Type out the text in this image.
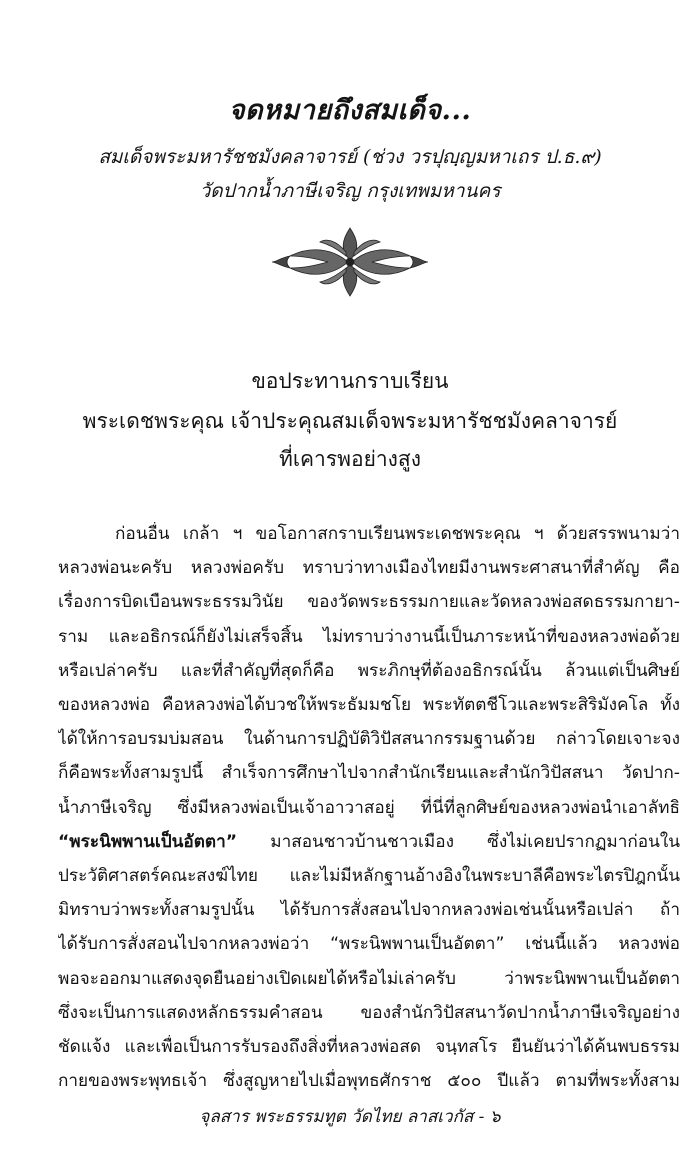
จดหมายถึงสมเด็จ...
สมเด็จพระมหารัชชมังคลาจารย์ (ช่วง วรปุญฺญมหาเถร ป.ธ.๙)
วัดปากน้ำภาษีเจริญ กรุงเทพมหานคร
ขอประทานกราบเรียน
พระเดชพระคุณ เจ้าประคุณสมเด็จพระมหารัชชมังคลาจารย์
ที่เคารพอย่างสูง
ก่อนอื่น เกล้า ฯ ขอโอกาสกราบเรียนพระเดชพระคุณ ฯ ด้วยสรรพนามว่า
หลวงพ่อนะครับ หลวงพ่อครับ ทราบว่าทางเมืองไทยมีงานพระศาสนาที่สำคัญ คือ
เรื่องการบิดเบือนพระธรรมวินัย ของวัดพระธรรมกายและวัดหลวงพ่อสดธรรมกายา-
ราม และอธิกรณ์ก็ยังไม่เสร็จสิ้น ไม่ทราบว่างานนี้เป็นภาระหน้าที่ของหลวงพ่อด้วย
หรือเปล่าครับ และที่สำคัญที่สุดก็คือ พระภิกษุที่ต้องอธิกรณ์นั้น ล้วนแต่เป็นศิษย์
ของหลวงพ่อ คือหลวงพ่อได้บวชให้พระธัมมชโย พระทัตตชีโวและพระสิริมังคโล ทั้ง
ได้ให้การอบรมบ่มสอน ในด้านการปฏิบัติวิปัสสนากรรมฐานด้วย กล่าวโดยเจาะจง
ก็คือพระทั้งสามรูปนี้ สำเร็จการศึกษาไปจากสำนักเรียนและสำนักวิปัสสนา วัดปาก-
น้ำภาษีเจริญ ซึ่งมีหลวงพ่อเป็นเจ้าอาวาสอยู่ ที่นี่ที่ลูกศิษย์ของหลวงพ่อนำเอาลัทธิ
“พระนิพพานเป็นอัตตา” มาสอนชาวบ้านชาวเมือง ซึ่งไม่เคยปรากฏมาก่อนใน
ประวัติศาสตร์คณะสงฆ์ไทย และไม่มีหลักฐานอ้างอิงในพระบาลีคือพระไตรปิฎกนั้น
มิทราบว่าพระทั้งสามรูปนั้น ได้รับการสั่งสอนไปจากหลวงพ่อเช่นนั้นหรือเปล่า ถ้า
ได้รับการสั่งสอนไปจากหลวงพ่อว่า “พระนิพพานเป็นอัตตา” เช่นนี้แล้ว หลวงพ่อ
พอจะออกมาแสดงจุดยืนอย่างเปิดเผยได้หรือไม่เล่าครับ ว่าพระนิพพานเป็นอัตตา
ซึ่งจะเป็นการแสดงหลักธรรมคำสอน ของสำนักวิปัสสนาวัดปากน้ำภาษีเจริญอย่าง
ชัดแจ้ง และเพื่อเป็นการรับรองถึงสิ่งที่หลวงพ่อสด จนฺทสโร ยืนยันว่าได้ค้นพบธรรม
จุลสาร พระธรรมทูต วัดไทย ลาสเวกัส - ๖
กายของพระพุทธเจ้า ซึ่งสูญหายไปเมื่อพุทธศักราช ๕๐๐ ปีแล้ว ตามที่พระทั้งสาม
